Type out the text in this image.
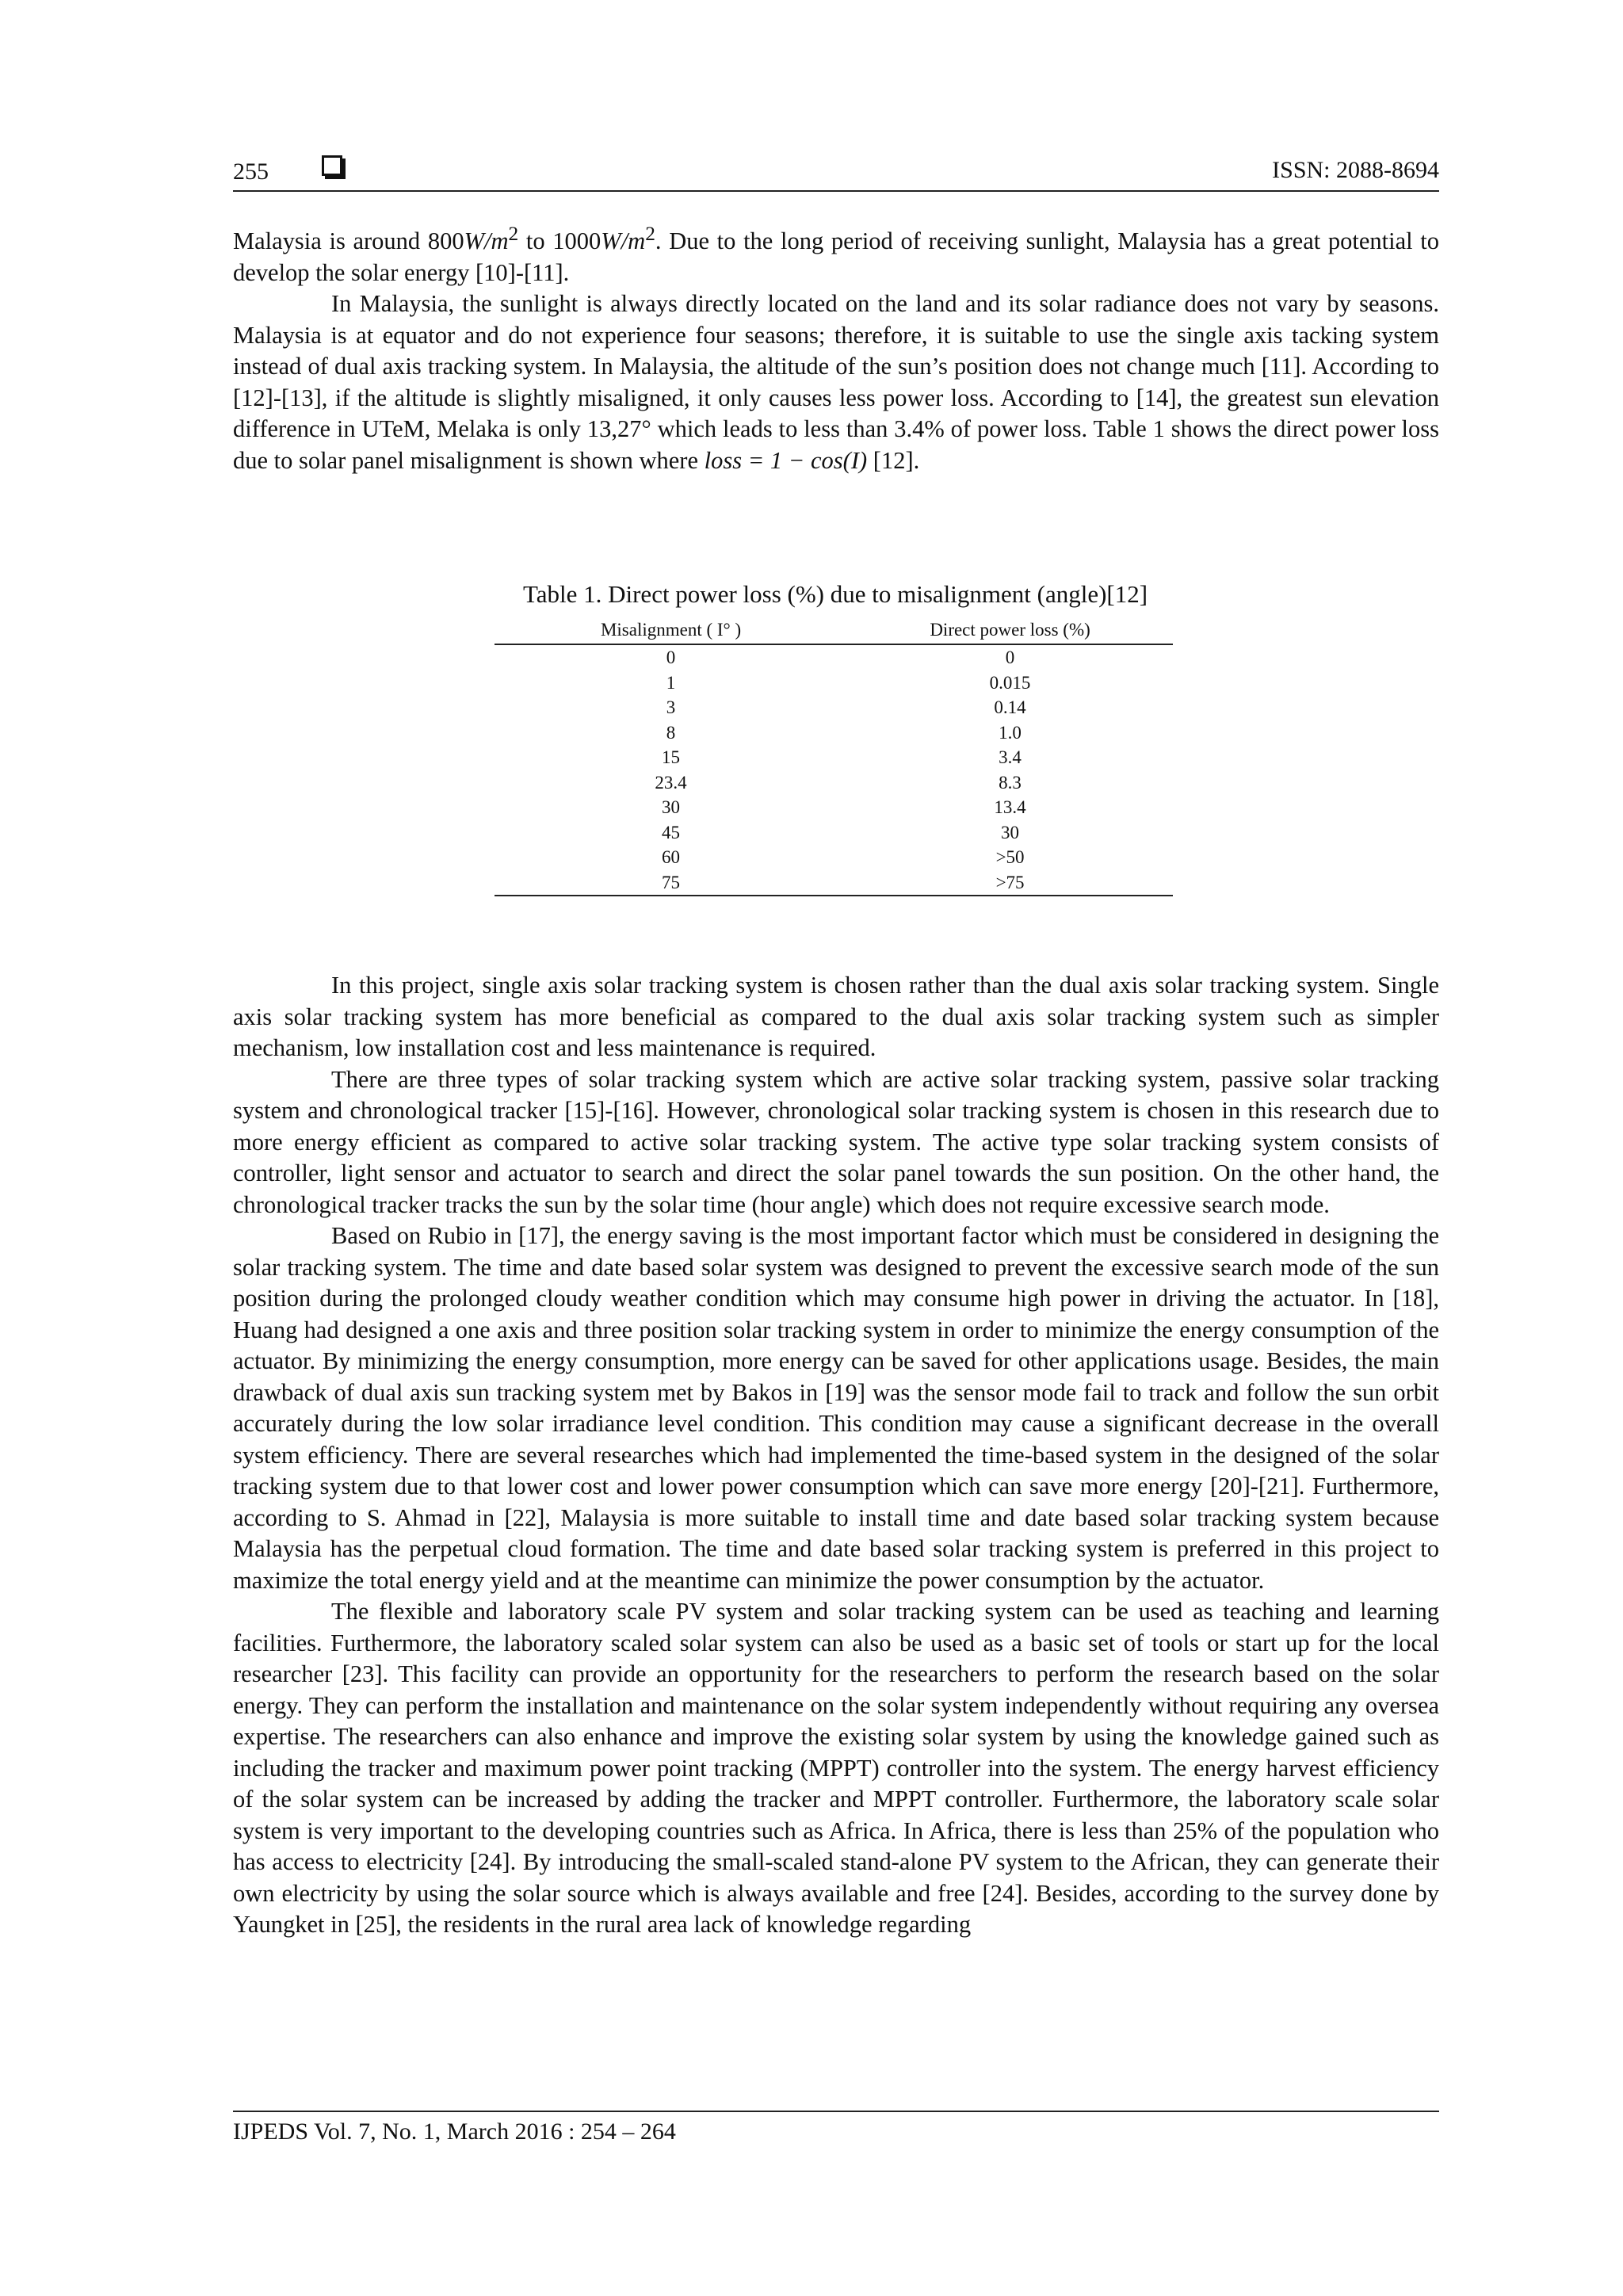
255	ISSN: 2088-8694

Malaysia is around $800W/m^2$ to $1000W/m^2$. Due to the long period of receiving sunlight, Malaysia has a great potential to develop the solar energy [10]-[11].

In Malaysia, the sunlight is always directly located on the land and its solar radiance does not vary by seasons. Malaysia is at equator and do not experience four seasons; therefore, it is suitable to use the single axis tacking system instead of dual axis tracking system. In Malaysia, the altitude of the sun’s position does not change much [11]. According to [12]-[13], if the altitude is slightly misaligned, it only causes less power loss. According to [14], the greatest sun elevation difference in UTeM, Melaka is only 13,27° which leads to less than 3.4% of power loss. Table 1 shows the direct power loss due to solar panel misalignment is shown where loss = 1 − cos(I) [12].

Table 1. Direct power loss (%) due to misalignment (angle)[12]
Misalignment ( I° )	Direct power loss (%)
0	0
1	0.015
3	0.14
8	1.0
15	3.4
23.4	8.3
30	13.4
45	30
60	>50
75	>75

In this project, single axis solar tracking system is chosen rather than the dual axis solar tracking system. Single axis solar tracking system has more beneficial as compared to the dual axis solar tracking system such as simpler mechanism, low installation cost and less maintenance is required.

There are three types of solar tracking system which are active solar tracking system, passive solar tracking system and chronological tracker [15]-[16]. However, chronological solar tracking system is chosen in this research due to more energy efficient as compared to active solar tracking system. The active type solar tracking system consists of controller, light sensor and actuator to search and direct the solar panel towards the sun position. On the other hand, the chronological tracker tracks the sun by the solar time (hour angle) which does not require excessive search mode.

Based on Rubio in [17], the energy saving is the most important factor which must be considered in designing the solar tracking system. The time and date based solar system was designed to prevent the excessive search mode of the sun position during the prolonged cloudy weather condition which may consume high power in driving the actuator. In [18], Huang had designed a one axis and three position solar tracking system in order to minimize the energy consumption of the actuator. By minimizing the energy consumption, more energy can be saved for other applications usage. Besides, the main drawback of dual axis sun tracking system met by Bakos in [19] was the sensor mode fail to track and follow the sun orbit accurately during the low solar irradiance level condition. This condition may cause a significant decrease in the overall system efficiency. There are several researches which had implemented the time-based system in the designed of the solar tracking system due to that lower cost and lower power consumption which can save more energy [20]-[21]. Furthermore, according to S. Ahmad in [22], Malaysia is more suitable to install time and date based solar tracking system because Malaysia has the perpetual cloud formation. The time and date based solar tracking system is preferred in this project to maximize the total energy yield and at the meantime can minimize the power consumption by the actuator.

The flexible and laboratory scale PV system and solar tracking system can be used as teaching and learning facilities. Furthermore, the laboratory scaled solar system can also be used as a basic set of tools or start up for the local researcher [23]. This facility can provide an opportunity for the researchers to perform the research based on the solar energy. They can perform the installation and maintenance on the solar system independently without requiring any oversea expertise. The researchers can also enhance and improve the existing solar system by using the knowledge gained such as including the tracker and maximum power point tracking (MPPT) controller into the system. The energy harvest efficiency of the solar system can be increased by adding the tracker and MPPT controller. Furthermore, the laboratory scale solar system is very important to the developing countries such as Africa. In Africa, there is less than 25% of the population who has access to electricity [24]. By introducing the small-scaled stand-alone PV system to the African, they can generate their own electricity by using the solar source which is always available and free [24]. Besides, according to the survey done by Yaungket in [25], the residents in the rural area lack of knowledge regarding

IJPEDS Vol. 7, No. 1, March 2016 : 254 – 264
